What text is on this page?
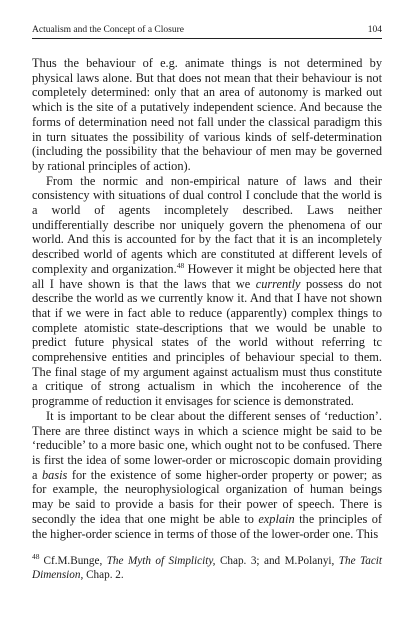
Actualism and the Concept of a Closure	104

Thus the behaviour of e.g. animate things is not determined by physical laws alone. But that does not mean that their behaviour is not completely determined: only that an area of autonomy is marked out which is the site of a putatively independent science. And because the forms of determination need not fall under the classical paradigm this in turn situates the possibility of various kinds of self-determination (including the possibility that the behaviour of men may be governed by rational principles of action).

From the normic and non-empirical nature of laws and their consistency with situations of dual control I conclude that the world is a world of agents incompletely described. Laws neither undifferentially describe nor uniquely govern the phenomena of our world. And this is accounted for by the fact that it is an incompletely described world of agents which are constituted at different levels of complexity and organization.$^{48}$ However it might be objected here that all I have shown is that the laws that we currently possess do not describe the world as we currently know it. And that I have not shown that if we were in fact able to reduce (apparently) complex things to complete atomistic state-descriptions that we would be unable to predict future physical states of the world without referring tc comprehensive entities and principles of behaviour special to them. The final stage of my argument against actualism must thus constitute a critique of strong actualism in which the incoherence of the programme of reduction it envisages for science is demonstrated.

It is important to be clear about the different senses of ‘reduction’. There are three distinct ways in which a science might be said to be ‘reducible’ to a more basic one, which ought not to be confused. There is first the idea of some lower-order or microscopic domain providing a basis for the existence of some higher-order property or power; as for example, the neurophysiological organization of human beings may be said to provide a basis for their power of speech. There is secondly the idea that one might be able to explain the principles of the higher-order science in terms of those of the lower-order one. This

$^{48}$ Cf.M.Bunge, The Myth of Simplicity, Chap. 3; and M.Polanyi, The Tacit Dimension, Chap. 2.
